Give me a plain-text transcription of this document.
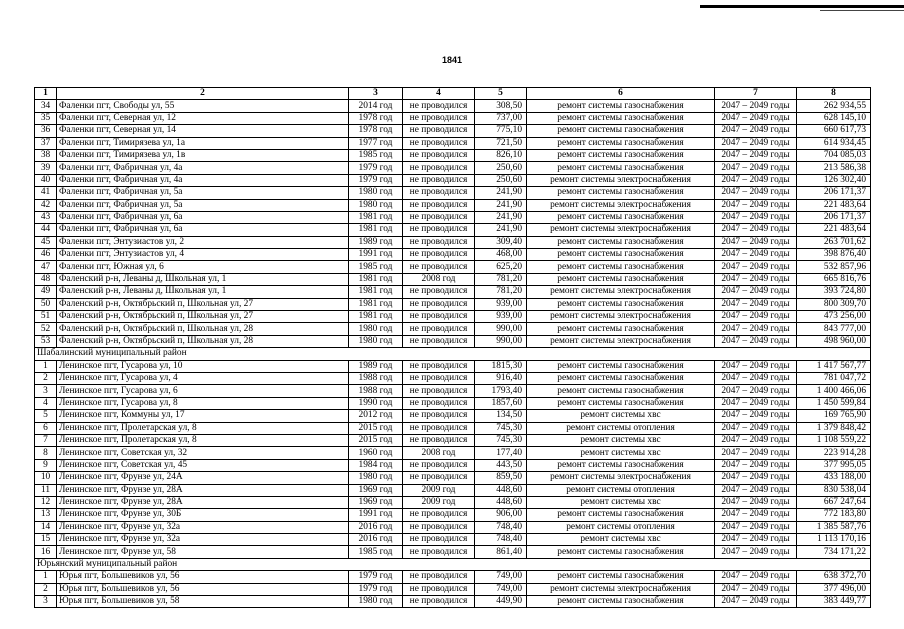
1841
1	2	3	4	5	6	7	8
34	Фаленки пгт, Свободы ул, 55	2014 год	не проводился	308,50	ремонт системы газоснабжения	2047 – 2049 годы	262 934,55
35	Фаленки пгт, Северная ул, 12	1978 год	не проводился	737,00	ремонт системы газоснабжения	2047 – 2049 годы	628 145,10
36	Фаленки пгт, Северная ул, 14	1978 год	не проводился	775,10	ремонт системы газоснабжения	2047 – 2049 годы	660 617,73
37	Фаленки пгт, Тимирязева ул, 1а	1977 год	не проводился	721,50	ремонт системы газоснабжения	2047 – 2049 годы	614 934,45
38	Фаленки пгт, Тимирязева ул, 1в	1985 год	не проводился	826,10	ремонт системы газоснабжения	2047 – 2049 годы	704 085,03
39	Фаленки пгт, Фабричная ул, 4а	1979 год	не проводился	250,60	ремонт системы газоснабжения	2047 – 2049 годы	213 586,38
40	Фаленки пгт, Фабричная ул, 4а	1979 год	не проводился	250,60	ремонт системы электроснабжения	2047 – 2049 годы	126 302,40
41	Фаленки пгт, Фабричная ул, 5а	1980 год	не проводился	241,90	ремонт системы газоснабжения	2047 – 2049 годы	206 171,37
42	Фаленки пгт, Фабричная ул, 5а	1980 год	не проводился	241,90	ремонт системы электроснабжения	2047 – 2049 годы	221 483,64
43	Фаленки пгт, Фабричная ул, 6а	1981 год	не проводился	241,90	ремонт системы газоснабжения	2047 – 2049 годы	206 171,37
44	Фаленки пгт, Фабричная ул, 6а	1981 год	не проводился	241,90	ремонт системы электроснабжения	2047 – 2049 годы	221 483,64
45	Фаленки пгт, Энтузиастов ул, 2	1989 год	не проводился	309,40	ремонт системы газоснабжения	2047 – 2049 годы	263 701,62
46	Фаленки пгт, Энтузиастов ул, 4	1991 год	не проводился	468,00	ремонт системы газоснабжения	2047 – 2049 годы	398 876,40
47	Фаленки пгт, Южная ул, 6	1985 год	не проводился	625,20	ремонт системы газоснабжения	2047 – 2049 годы	532 857,96
48	Фаленский р-н, Леваны д, Школьная ул, 1	1981 год	2008 год	781,20	ремонт системы газоснабжения	2047 – 2049 годы	665 816,76
49	Фаленский р-н, Леваны д, Школьная ул, 1	1981 год	не проводился	781,20	ремонт системы электроснабжения	2047 – 2049 годы	393 724,80
50	Фаленский р-н, Октябрьский п, Школьная ул, 27	1981 год	не проводился	939,00	ремонт системы газоснабжения	2047 – 2049 годы	800 309,70
51	Фаленский р-н, Октябрьский п, Школьная ул, 27	1981 год	не проводился	939,00	ремонт системы электроснабжения	2047 – 2049 годы	473 256,00
52	Фаленский р-н, Октябрьский п, Школьная ул, 28	1980 год	не проводился	990,00	ремонт системы газоснабжения	2047 – 2049 годы	843 777,00
53	Фаленский р-н, Октябрьский п, Школьная ул, 28	1980 год	не проводился	990,00	ремонт системы электроснабжения	2047 – 2049 годы	498 960,00
Шабалинский муниципальный район							
1	Ленинское пгт, Гусарова ул, 10	1989 год	не проводился	1815,30	ремонт системы газоснабжения	2047 – 2049 годы	1 417 567,77
2	Ленинское пгт, Гусарова ул, 4	1988 год	не проводился	916,40	ремонт системы газоснабжения	2047 – 2049 годы	781 047,72
3	Ленинское пгт, Гусарова ул, 6	1988 год	не проводился	1793,40	ремонт системы газоснабжения	2047 – 2049 годы	1 400 466,06
4	Ленинское пгт, Гусарова ул, 8	1990 год	не проводился	1857,60	ремонт системы газоснабжения	2047 – 2049 годы	1 450 599,84
5	Ленинское пгт, Коммуны ул, 17	2012 год	не проводился	134,50	ремонт системы хвс	2047 – 2049 годы	169 765,90
6	Ленинское пгт, Пролетарская ул, 8	2015 год	не проводился	745,30	ремонт системы отопления	2047 – 2049 годы	1 379 848,42
7	Ленинское пгт, Пролетарская ул, 8	2015 год	не проводился	745,30	ремонт системы хвс	2047 – 2049 годы	1 108 559,22
8	Ленинское пгт, Советская ул, 32	1960 год	2008 год	177,40	ремонт системы хвс	2047 – 2049 годы	223 914,28
9	Ленинское пгт, Советская ул, 45	1984 год	не проводился	443,50	ремонт системы газоснабжения	2047 – 2049 годы	377 995,05
10	Ленинское пгт, Фрунзе ул, 24А	1980 год	не проводился	859,50	ремонт системы электроснабжения	2047 – 2049 годы	433 188,00
11	Ленинское пгт, Фрунзе ул, 28А	1969 год	2009 год	448,60	ремонт системы отопления	2047 – 2049 годы	830 538,04
12	Ленинское пгт, Фрунзе ул, 28А	1969 год	2009 год	448,60	ремонт системы хвс	2047 – 2049 годы	667 247,64
13	Ленинское пгт, Фрунзе ул, 30Б	1991 год	не проводился	906,00	ремонт системы газоснабжения	2047 – 2049 годы	772 183,80
14	Ленинское пгт, Фрунзе ул, 32а	2016 год	не проводился	748,40	ремонт системы отопления	2047 – 2049 годы	1 385 587,76
15	Ленинское пгт, Фрунзе ул, 32а	2016 год	не проводился	748,40	ремонт системы хвс	2047 – 2049 годы	1 113 170,16
16	Ленинское пгт, Фрунзе ул, 58	1985 год	не проводился	861,40	ремонт системы газоснабжения	2047 – 2049 годы	734 171,22
Юрьянский муниципальный район							
1	Юрья пгт, Большевиков ул, 56	1979 год	не проводился	749,00	ремонт системы газоснабжения	2047 – 2049 годы	638 372,70
2	Юрья пгт, Большевиков ул, 56	1979 год	не проводился	749,00	ремонт системы электроснабжения	2047 – 2049 годы	377 496,00
3	Юрья пгт, Большевиков ул, 58	1980 год	не проводился	449,90	ремонт системы газоснабжения	2047 – 2049 годы	383 449,77
